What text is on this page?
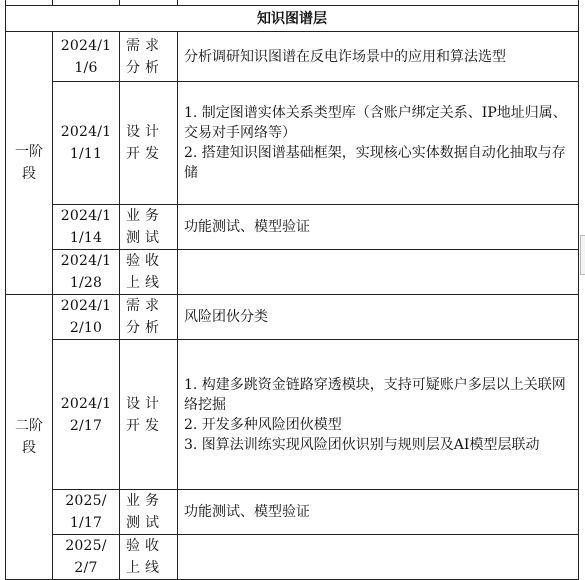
知识图谱层			
一阶段	2024/11/6	需求分析	分析调研知识图谱在反电诈场景中的应用和算法选型

	2024/11/11	设计开发	1. 制定图谱实体关系类型库（含账户绑定关系、IP地址归属、交易对手网络等）
2. 搭建知识图谱基础框架，实现核心实体数据自动化抽取与存储

	2024/11/14	业务测试	功能测试、模型验证

	2024/11/28	验收上线	
二阶段	2024/12/10	需求分析	风险团伙分类

	2024/12/17	设计开发	1. 构建多跳资金链路穿透模块，支持可疑账户多层以上关联网络挖掘
2. 开发多种风险团伙模型
3. 图算法训练实现风险团伙识别与规则层及AI模型层联动

	2025/1/17	业务测试	功能测试、模型验证

	2025/2/7	验收上线	
